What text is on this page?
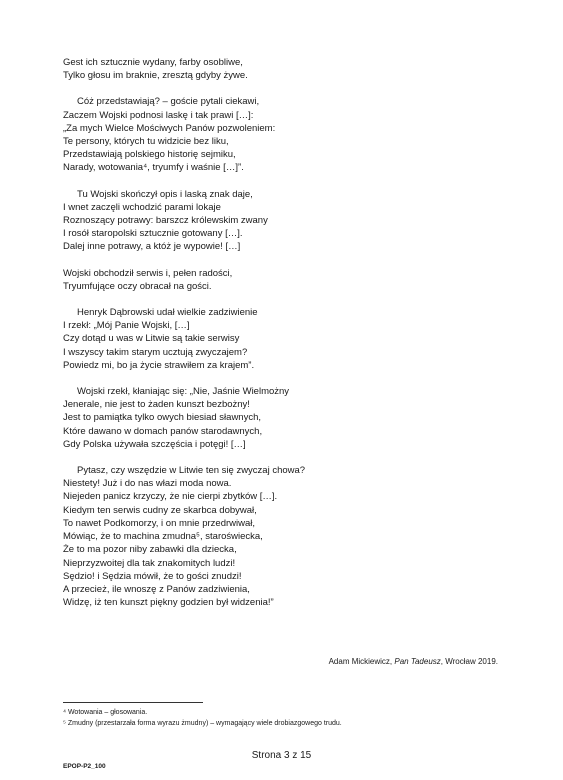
Gest ich sztucznie wydany, farby osobliwe,
Tylko głosu im braknie, zresztą gdyby żywe.
Cóż przedstawiają? – goście pytali ciekawi,
Zaczem Wojski podnosi laskę i tak prawi […]:
„Za mych Wielce Mościwych Panów pozwoleniem:
Te persony, których tu widzicie bez liku,
Przedstawiają polskiego historię sejmiku,
Narady, wotowania⁴, tryumfy i waśnie […]”.
Tu Wojski skończył opis i laską znak daje,
I wnet zaczęli wchodzić parami lokaje
Roznoszący potrawy: barszcz królewskim zwany
I rosół staropolski sztucznie gotowany […].
Dalej inne potrawy, a któż je wypowie! […]
Wojski obchodził serwis i, pełen radości,
Tryumfujące oczy obracał na gości.
Henryk Dąbrowski udał wielkie zadziwienie
I rzekł: „Mój Panie Wojski, […]
Czy dotąd u was w Litwie są takie serwisy
I wszyscy takim starym ucztują zwyczajem?
Powiedz mi, bo ja życie strawiłem za krajem”.
Wojski rzekł, kłaniając się: „Nie, Jaśnie Wielmożny
Jenerale, nie jest to żaden kunszt bezbożny!
Jest to pamiątka tylko owych biesiad sławnych,
Które dawano w domach panów starodawnych,
Gdy Polska używała szczęścia i potęgi! […]
Pytasz, czy wszędzie w Litwie ten się zwyczaj chowa?
Niestety! Już i do nas włazi moda nowa.
Niejeden panicz krzyczy, że nie cierpi zbytków […].
Kiedym ten serwis cudny ze skarbca dobywał,
To nawet Podkomorzy, i on mnie przedrwiwał,
Mówiąc, że to machina zmudna⁵, staroświecka,
Że to ma pozor niby zabawki dla dziecka,
Nieprzyzwoitej dla tak znakomitych ludzi!
Sędzio! i Sędzia mówił, że to gości znudzi!
A przecież, ile wnoszę z Panów zadziwienia,
Widzę, iż ten kunszt piękny godzien był widzenia!”
Adam Mickiewicz, Pan Tadeusz, Wrocław 2019.
⁴ Wotowania – głosowania.
⁵ Zmudny (przestarzała forma wyrazu żmudny) – wymagający wiele drobiazgowego trudu.
Strona 3 z 15
EPOP-P2_100
